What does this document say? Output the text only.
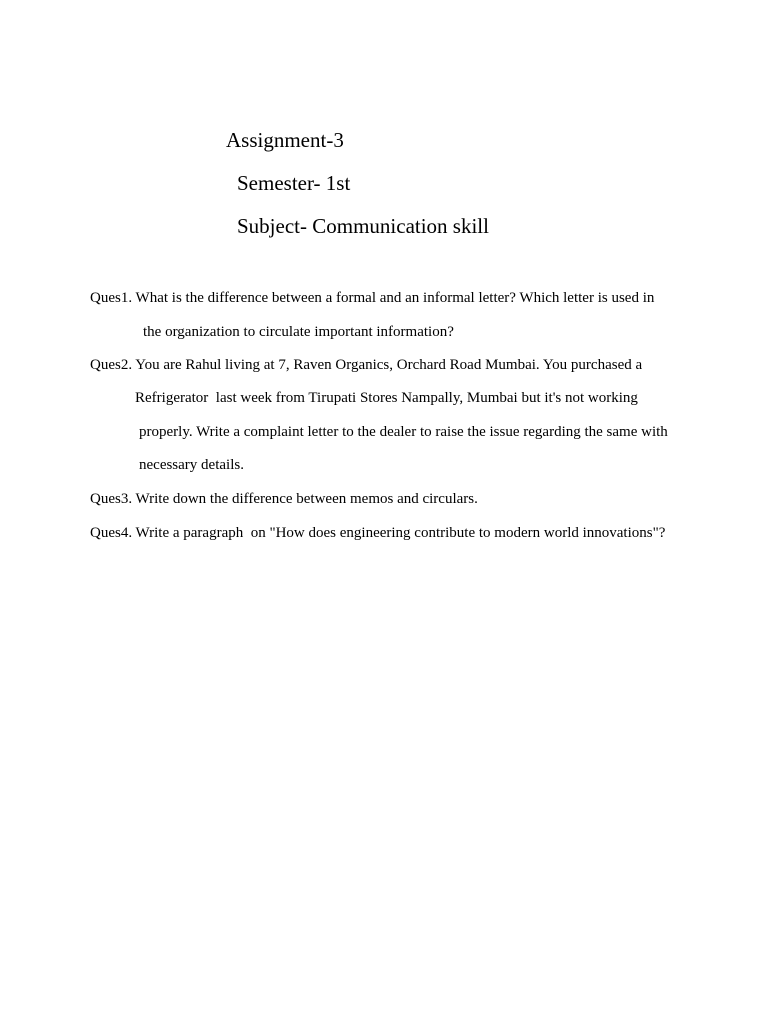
Assignment-3
Semester- 1st
Subject- Communication skill
Ques1. What is the difference between a formal and an informal letter? Which letter is used in
the organization to circulate important information?
Ques2. You are Rahul living at 7, Raven Organics, Orchard Road Mumbai. You purchased a
Refrigerator  last week from Tirupati Stores Nampally, Mumbai but it's not working
properly. Write a complaint letter to the dealer to raise the issue regarding the same with
necessary details.
Ques3. Write down the difference between memos and circulars.
Ques4. Write a paragraph  on "How does engineering contribute to modern world innovations"?
